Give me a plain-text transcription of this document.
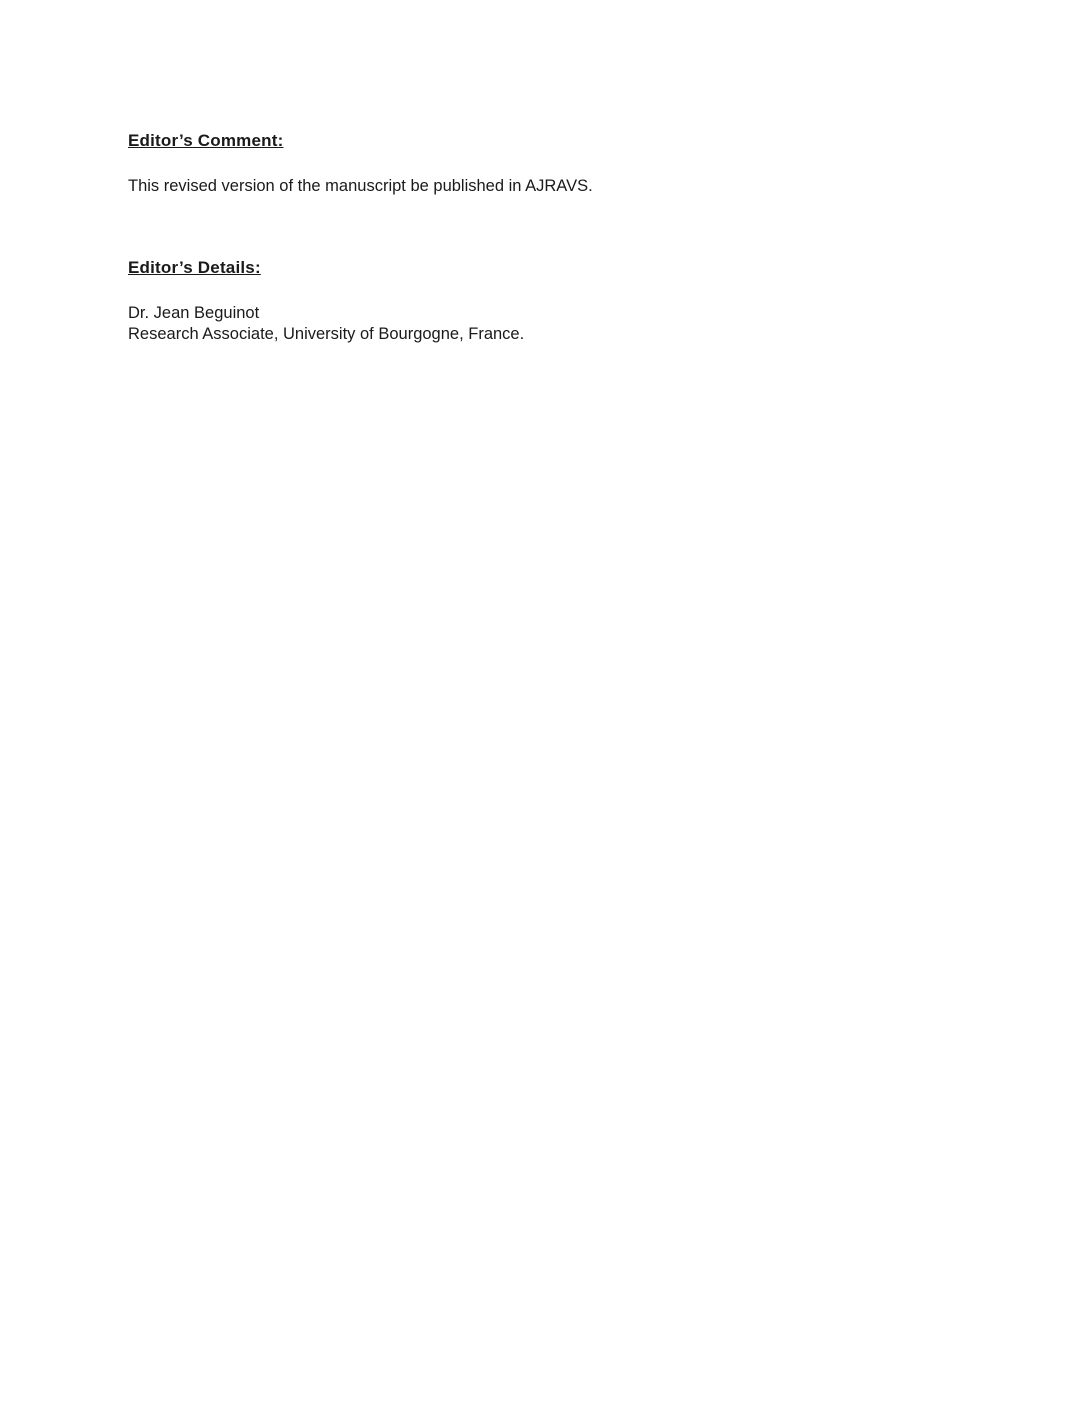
Editor’s Comment:

This revised version of the manuscript be published in AJRAVS.

Editor’s Details:

Dr. Jean Beguinot

Research Associate, University of Bourgogne, France.
